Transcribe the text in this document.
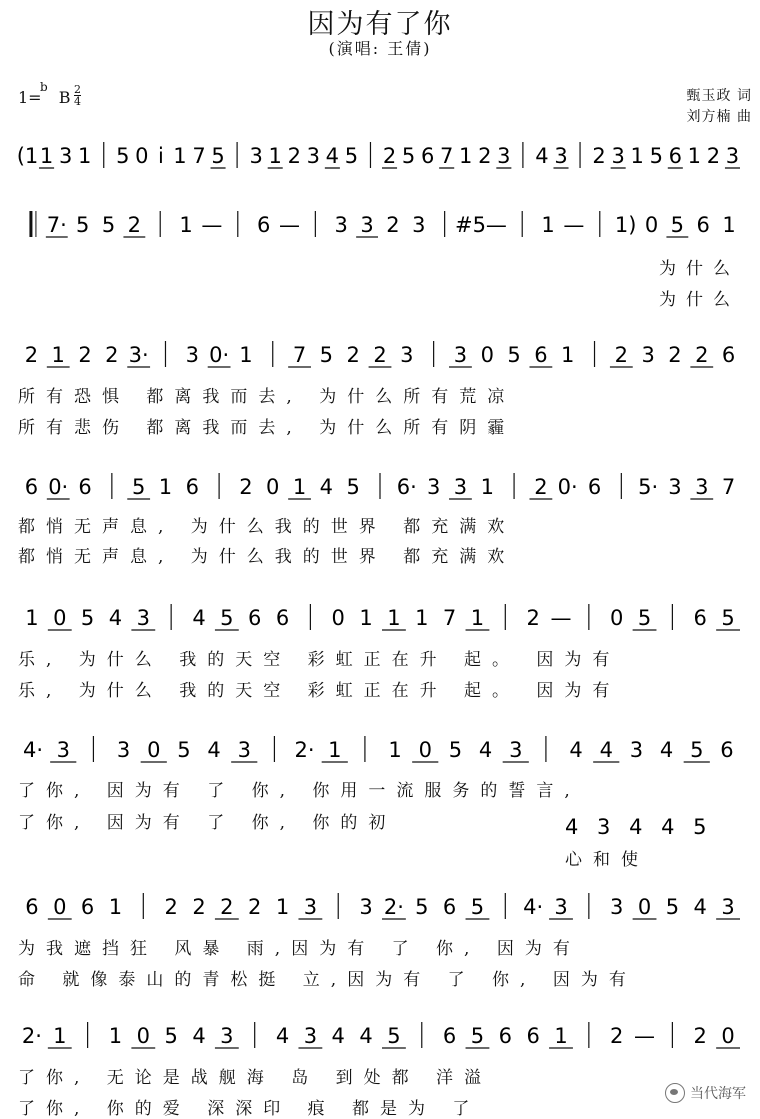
因为有了你
(演唱: 王倩)
1=
b
B 2
4	甄玉政 词
刘方楠 曲
(1 1 3 1 5 0 i 1 7 5 3 1 2 3 4 5 2 5 6 7 1 2 3 4 3 2 3 1 5 6 1 2 3
7· 5 5 2 1 — 6 — 3 3 2 3 #5 — 1 — 1) 0 5 6 1
2 1 2 2 3· 3 0· 1 7 5 2 2 3 3 0 5 6 1 2 3 2 2 6
6 0· 6 5 1 6 2 0 1 4 5 6· 3 3 1 2 0· 6 5· 3 3 7
1 0 5 4 3 4 5 6 6 0 1 1 1 7 1 2 — 0 5 6 5
4· 3 3 0 5 4 3 2· 1 1 0 5 4 3 4 4 3 4 5 6
4 3 4 4 5
6 0 6 1 2 2 2 2 1 3 3 2· 5 6 5 4· 3 3 0 5 4 3
2· 1 1 0 5 4 3 4 3 4 4 5 6 5 6 6 1 2 — 2 0
为什么
为什么
所有恐惧 都离我而去, 为什么所有荒凉
所有悲伤 都离我而去, 为什么所有阴霾
都悄无声息, 为什么我的世界 都充满欢
都悄无声息, 为什么我的世界 都充满欢
乐, 为什么 我的天空 彩虹正在升 起。 因为有
乐, 为什么 我的天空 彩虹正在升 起。 因为有
了你, 因为有 了 你, 你用一流服务的誓言,
了你, 因为有 了 你, 你的初
心和使
为我遮挡狂 风暴 雨,因为有 了 你, 因为有
命 就像泰山的青松挺 立,因为有 了 你, 因为有
了你, 无论是战舰海 岛 到处都 洋溢
了你, 你的爱 深深印 痕 都是为 了
当代海军
